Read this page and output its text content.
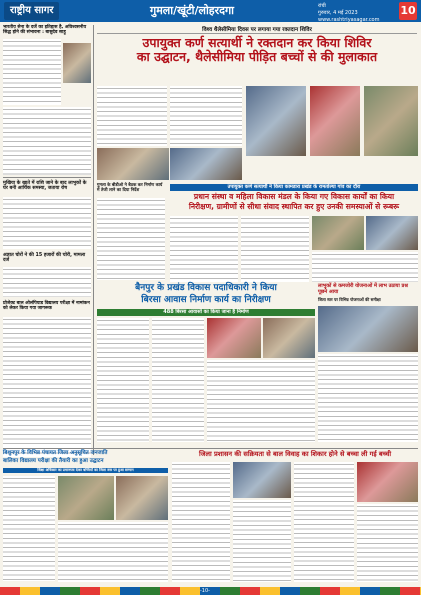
राष्ट्रीय सागर	गुमला/खूंटी/लोहरदगा	रांची
गुरुवार, 4 मई 2023
www.rashtriyasagar.com
10
भारतीय सेना के दर्जे का इतिहास है, अविश्वसनीय सिद्ध होने की संभावना : बासुदेव साहू
मुखिया के खाते में राशि जाने के बाद लाभुकों के घर बनी आर्थिक समस्या, जताया रोष
अज्ञात चोरों ने की 15 हजारों की चोरी, मामला दर्ज
प्रोजेक्ट बाल ओलंपियाड विद्यालय परीक्षा में नामांकन को लेकर किया गया जागरूक
विश्व थैलेसीमिया दिवस पर लगाया गया रक्तदान शिविर
उपायुक्त कर्ण सत्यार्थी ने रक्तदान कर किया शिविर
का उद्घाटन, थैलेसीमिया पीड़ित बच्चों से की मुलाकात
गुमला के बीडीओ ने बैठक कर निर्माण कार्य में तेजी लाने का दिया निर्देश	उपायुक्त कर्ण सत्यार्थी ने किया कामडारा प्रखंड के रामतोल्या गांव का दौरा
प्रधान संस्था व महिला विकास मंडल के किया गए विकास कार्यों का किया
निरीक्षण, ग्रामीणों से सीधा संवाद स्थापित कर हुए उनकी समस्याओं से रूबरू
बैनपुर के प्रखंड विकास पदाधिकारी ने किया
बिरसा आवास निर्माण कार्य का निरीक्षण
488 बिरसा आवासों का किया जाना है निर्माण
लाभुकों से कमजोरी योजनाओं में लाभ उठाया प्रश्न पूछने आया
जिला स्तर पर विभिन्न योजनाओं की समीक्षा
बिशुनपुर के विभिन्न पंचायत जिला अनुसूचित जनजाति
बालिका विद्यालय परीक्षा की तैयारी का हुआ उद्घाटन
शिक्षा अधिकार का प्रमाणपत्र देकर बच्चियों का जिला स्तर पर हुआ सम्मान
जिला प्रशासन की सक्रियता से बाल विवाह का शिकार होने से बच्चा ली गई बच्ची
-10-
